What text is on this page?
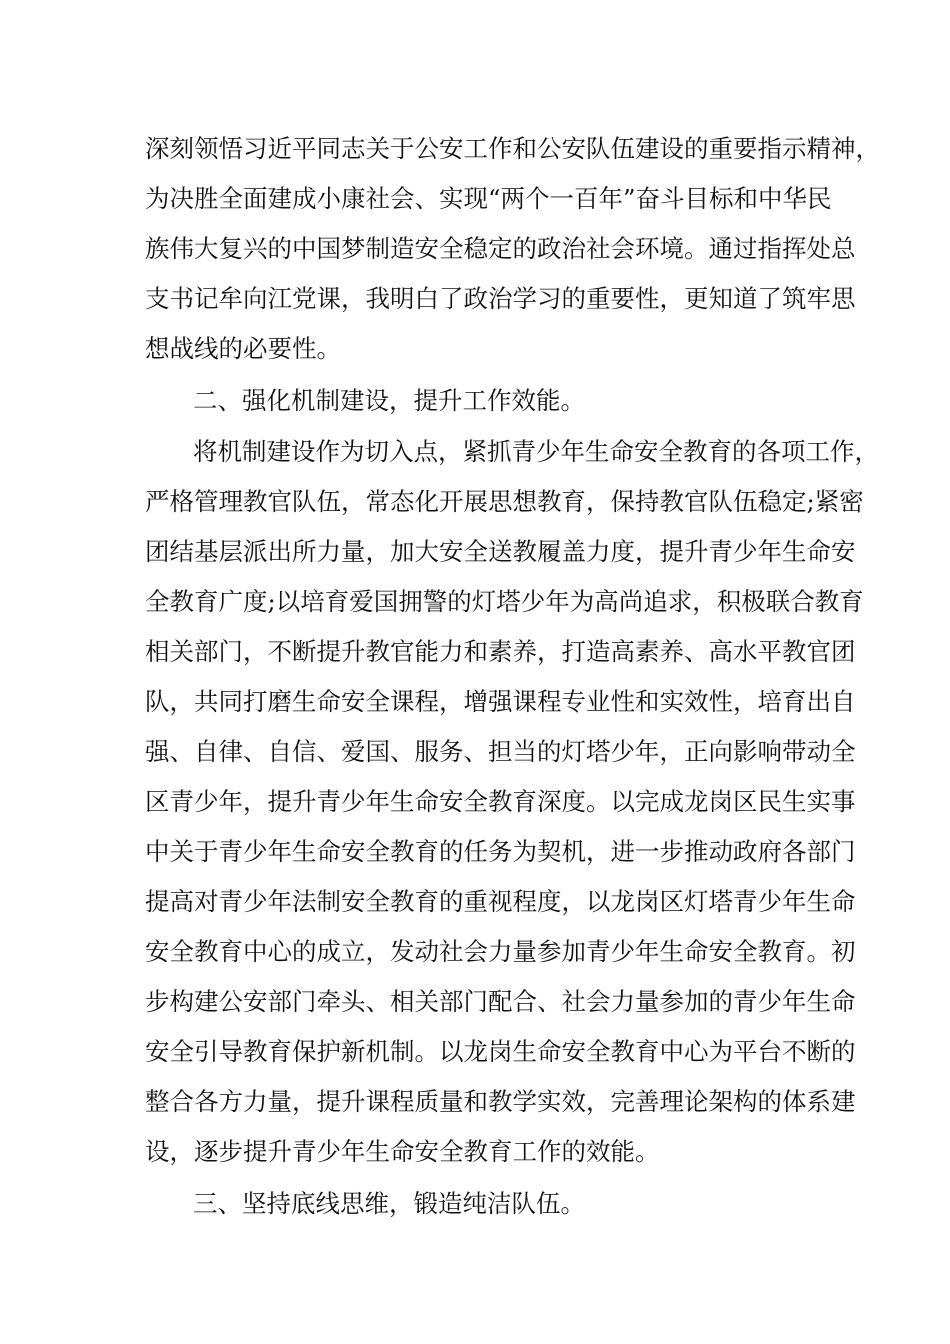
深刻领悟习近平同志关于公安工作和公安队伍建设的重要指示精神，

为决胜全面建成小康社会、实现“两个一百年”奋斗目标和中华民

族伟大复兴的中国梦制造安全稳定的政治社会环境。通过指挥处总

支书记牟向江党课，我明白了政治学习的重要性，更知道了筑牢思

想战线的必要性。

二、强化机制建设，提升工作效能。

将机制建设作为切入点，紧抓青少年生命安全教育的各项工作，

严格管理教官队伍，常态化开展思想教育，保持教官队伍稳定;紧密

团结基层派出所力量，加大安全送教履盖力度，提升青少年生命安

全教育广度;以培育爱国拥警的灯塔少年为高尚追求，积极联合教育

相关部门，不断提升教官能力和素养，打造高素养、高水平教官团

队，共同打磨生命安全课程，增强课程专业性和实效性，培育出自

强、自律、自信、爱国、服务、担当的灯塔少年，正向影响带动全

区青少年，提升青少年生命安全教育深度。以完成龙岗区民生实事

中关于青少年生命安全教育的任务为契机，进一步推动政府各部门

提高对青少年法制安全教育的重视程度，以龙岗区灯塔青少年生命

安全教育中心的成立，发动社会力量参加青少年生命安全教育。初

步构建公安部门牵头、相关部门配合、社会力量参加的青少年生命

安全引导教育保护新机制。以龙岗生命安全教育中心为平台不断的

整合各方力量，提升课程质量和教学实效，完善理论架构的体系建

设，逐步提升青少年生命安全教育工作的效能。

三、坚持底线思维，锻造纯洁队伍。
